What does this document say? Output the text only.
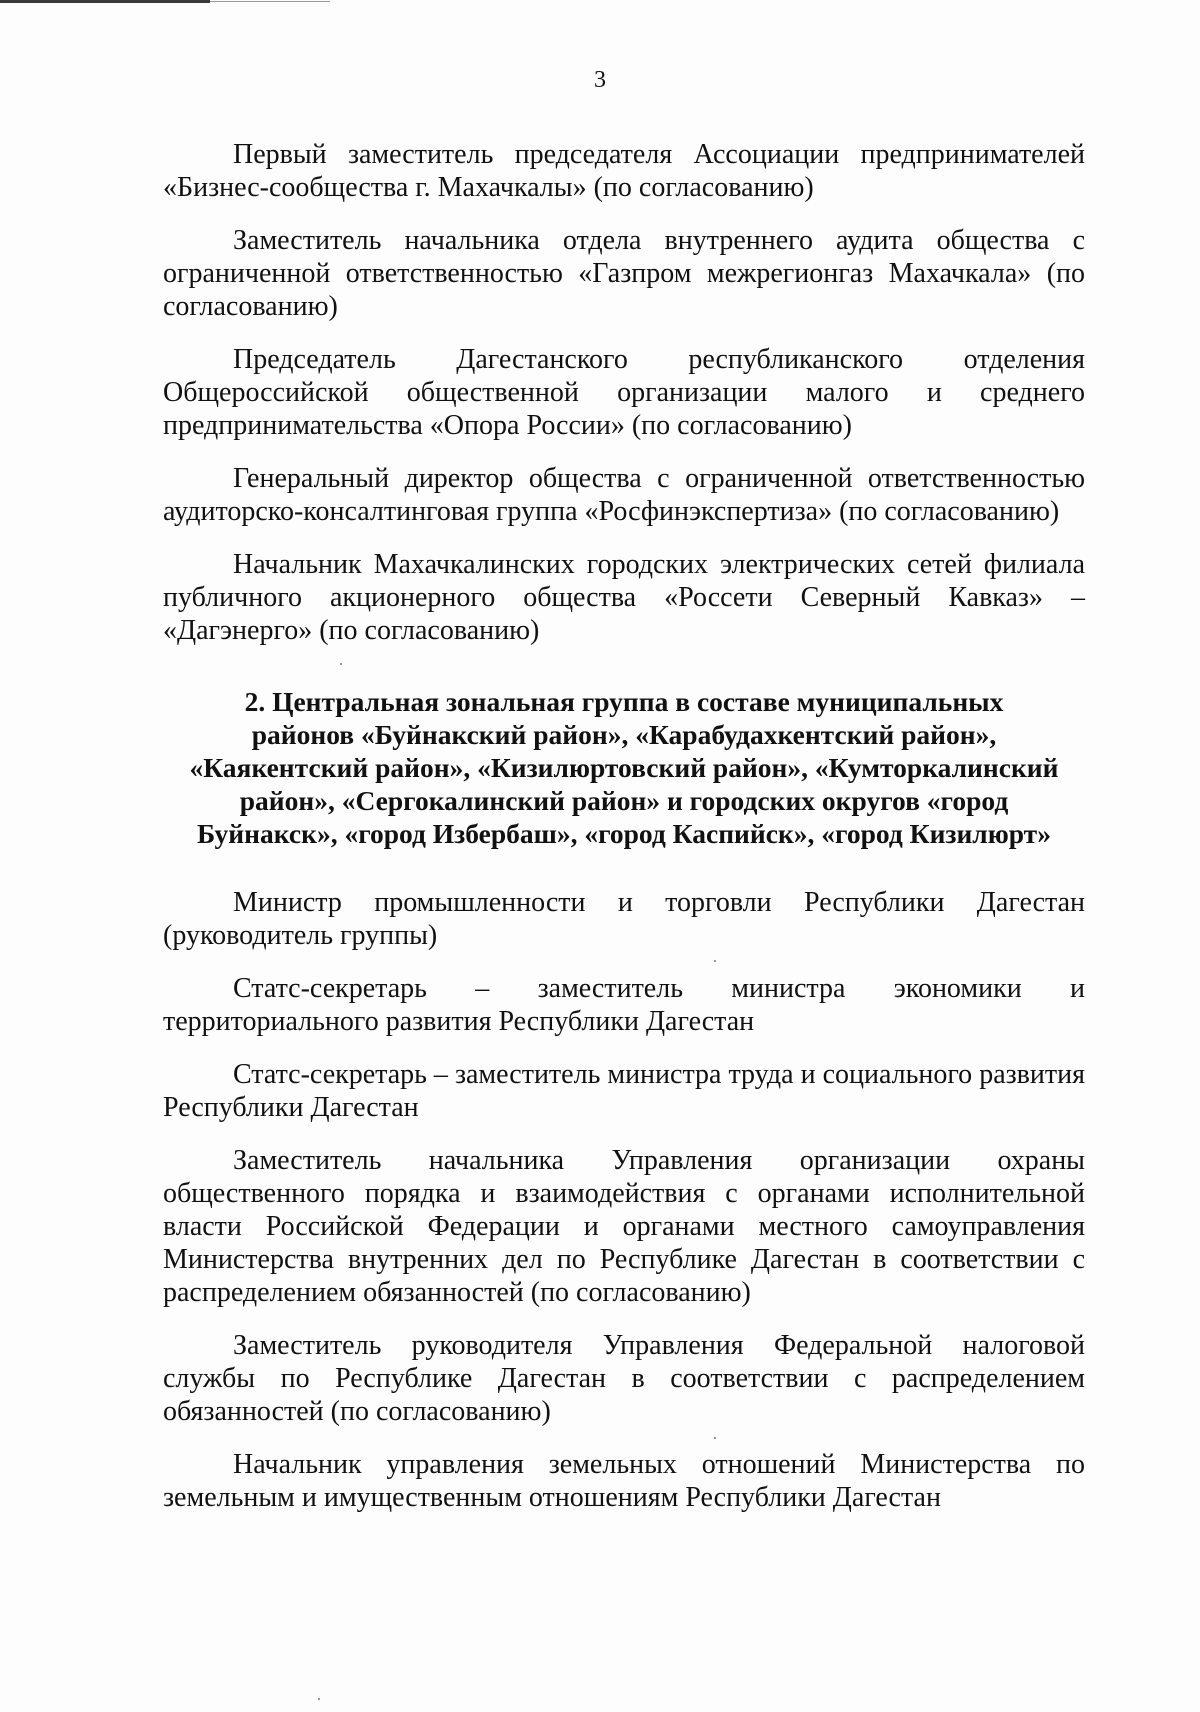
3

Первый заместитель председателя Ассоциации предпринимателей «Бизнес-сообщества г. Махачкалы» (по согласованию)

Заместитель начальника отдела внутреннего аудита общества с ограниченной ответственностью «Газпром межрегионгаз Махачкала» (по согласованию)

Председатель Дагестанского республиканского отделения Общероссийской общественной организации малого и среднего предпринимательства «Опора России» (по согласованию)

Генеральный директор общества с ограниченной ответственностью аудиторско-консалтинговая группа «Росфинэкспертиза» (по согласованию)

Начальник Махачкалинских городских электрических сетей филиала публичного акционерного общества «Россети Северный Кавказ» – «Дагэнерго» (по согласованию)

2. Центральная зональная группа в составе муниципальных
районов «Буйнакский район», «Карабудахкентский район»,
«Каякентский район», «Кизилюртовский район», «Кумторкалинский
район», «Сергокалинский район» и городских округов «город
Буйнакск», «город Избербаш», «город Каспийск», «город Кизилюрт»

Министр промышленности и торговли Республики Дагестан (руководитель группы)

Статс-секретарь – заместитель министра экономики и территориального развития Республики Дагестан

Статс-секретарь – заместитель министра труда и социального развития Республики Дагестан

Заместитель начальника Управления организации охраны общественного порядка и взаимодействия с органами исполнительной власти Российской Федерации и органами местного самоуправления Министерства внутренних дел по Республике Дагестан в соответствии с распределением обязанностей (по согласованию)

Заместитель руководителя Управления Федеральной налоговой службы по Республике Дагестан в соответствии с распределением обязанностей (по согласованию)

Начальник управления земельных отношений Министерства по земельным и имущественным отношениям Республики Дагестан
